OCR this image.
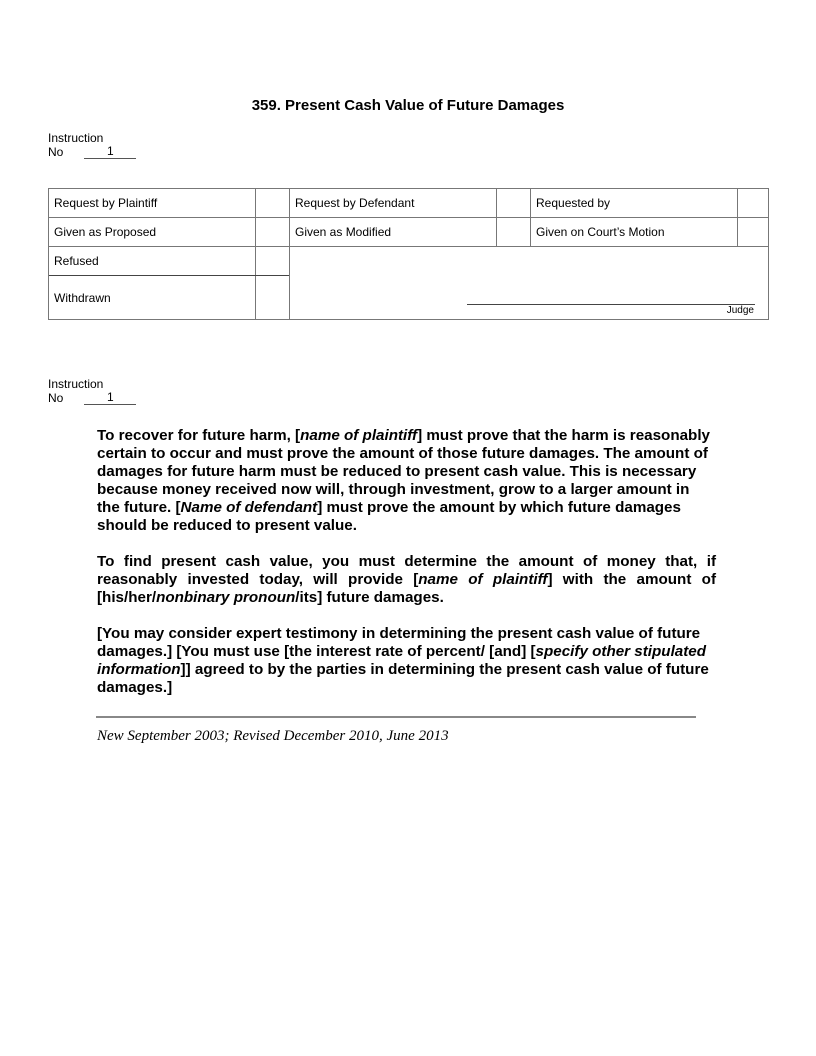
359. Present Cash Value of Future Damages
Instruction
No	1
Request by Plaintiff	Request by Defendant	Requested by
Given as Proposed	Given as Modified	Given on Court’s Motion
Refused
Withdrawn
Judge
Instruction
No	1

To recover for future harm, [name of plaintiff] must prove that the harm is reasonably certain to occur and must prove the amount of those future damages. The amount of damages for future harm must be reduced to present cash value. This is necessary because money received now will, through investment, grow to a larger amount in the future. [Name of defendant] must prove the amount by which future damages should be reduced to present value.

To find present cash value, you must determine the amount of money that, if reasonably invested today, will provide [name of plaintiff] with the amount of [his/her/nonbinary pronoun/its] future damages.

[You may consider expert testimony in determining the present cash value of future damages.] [You must use [the interest rate of percent/ [and] [specify other stipulated information]] agreed to by the parties in determining the present cash value of future damages.]

New September 2003; Revised December 2010, June 2013
